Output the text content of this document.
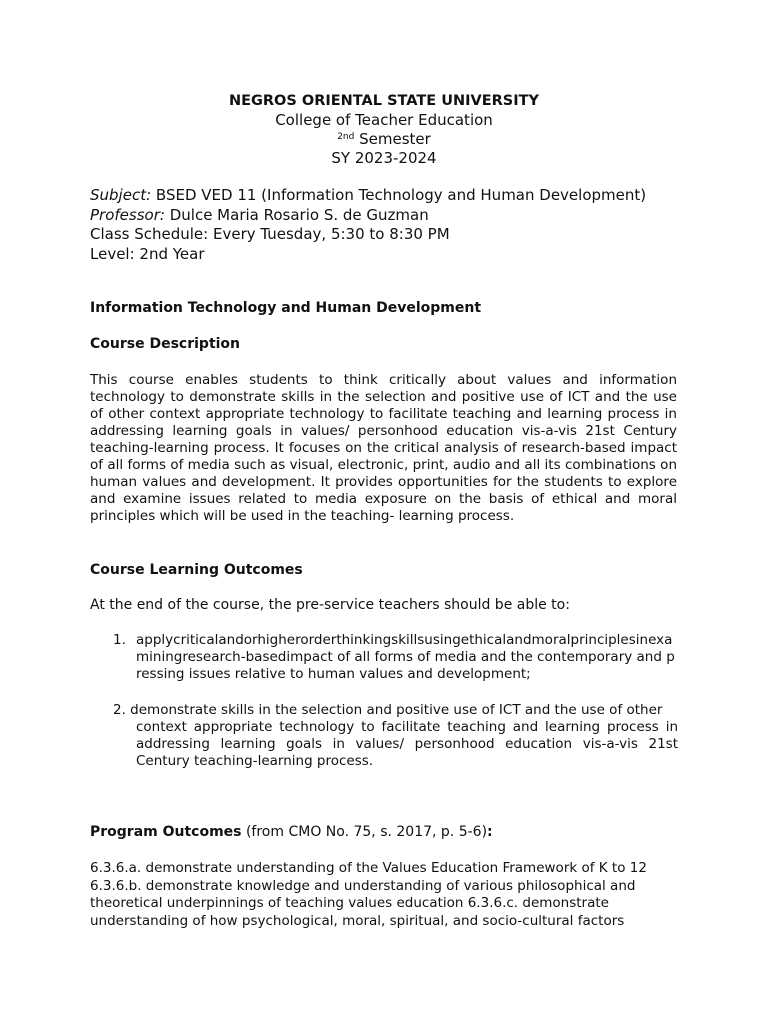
NEGROS ORIENTAL STATE UNIVERSITY
College of Teacher Education
$^{2nd}$ Semester
SY 2023-2024
Subject: BSED VED 11 (Information Technology and Human Development)
Professor: Dulce Maria Rosario S. de Guzman
Class Schedule: Every Tuesday, 5:30 to 8:30 PM
Level: 2nd Year
Information Technology and Human Development
Course Description
This course enables students to think critically about values and information technology to demonstrate skills in the selection and positive use of ICT and the use of other context appropriate technology to facilitate teaching and learning process in addressing learning goals in values/ personhood education vis-a-vis 21st Century teaching-learning process. It focuses on the critical analysis of research-based impact of all forms of media such as visual, electronic, print, audio and all its combinations on human values and development. It provides opportunities for the students to explore and examine issues related to media exposure on the basis of ethical and moral principles which will be used in the teaching- learning process.
Course Learning Outcomes
At the end of the course, the pre-service teachers should be able to:
1. applycriticalandorhigherorderthinkingskillsusingethicalandmoralprinciplesinexaminingresearch-basedimpact of all forms of media and the contemporary and pressing issues relative to human values and development;
2. demonstrate skills in the selection and positive use of ICT and the use of other
context appropriate technology to facilitate teaching and learning process in addressing learning goals in values/ personhood education vis-a-vis 21st Century teaching-learning process.
Program Outcomes (from CMO No. 75, s. 2017, p. 5-6):
6.3.6.a. demonstrate understanding of the Values Education Framework of K to 12
6.3.6.b. demonstrate knowledge and understanding of various philosophical and theoretical underpinnings of teaching values education 6.3.6.c. demonstrate understanding of how psychological, moral, spiritual, and socio-cultural factors
